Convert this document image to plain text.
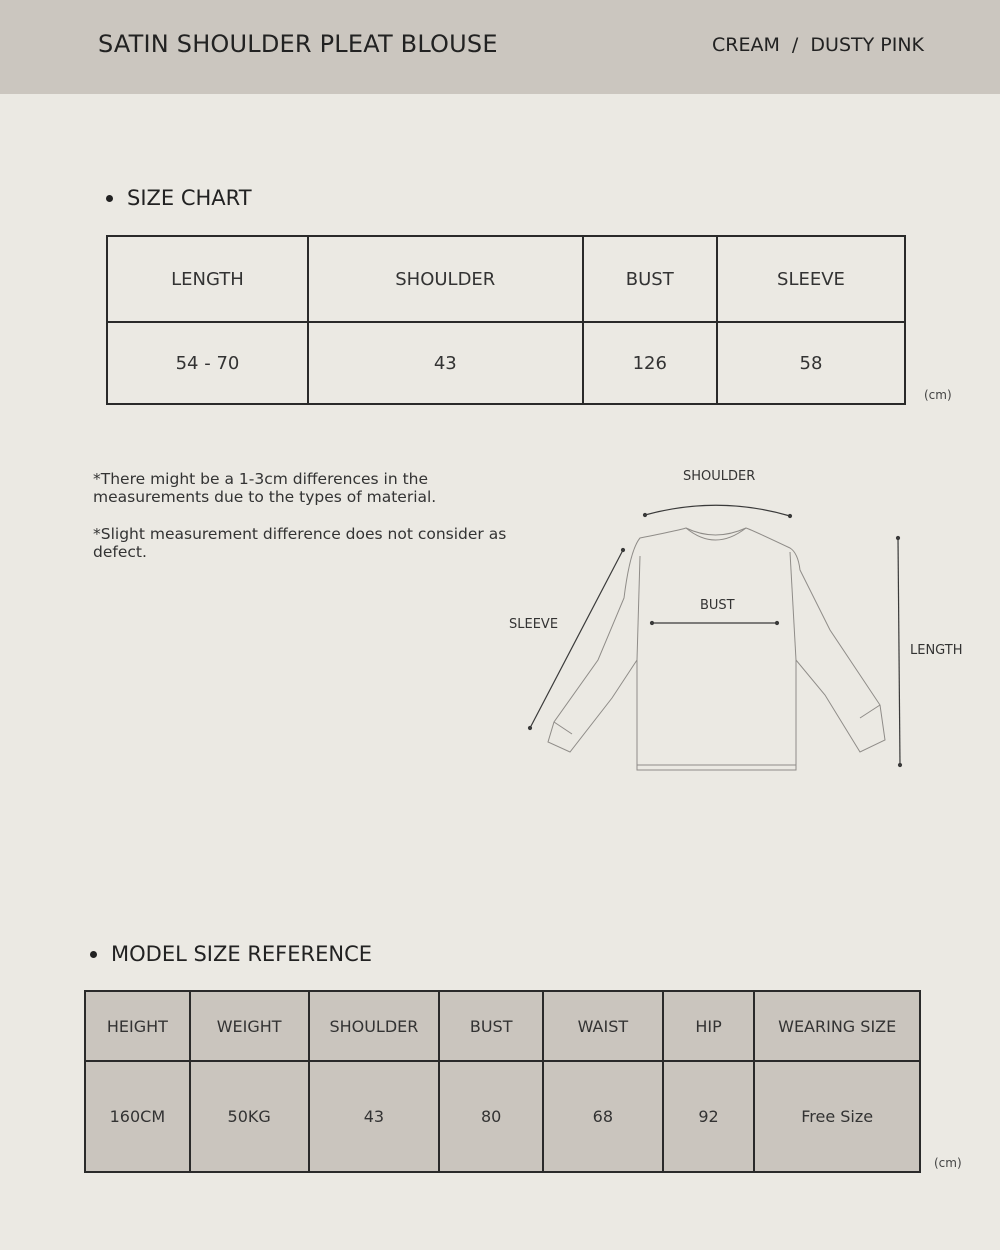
SATIN SHOULDER PLEAT BLOUSE	CREAM  /  DUSTY PINK
SIZE CHART
LENGTH	SHOULDER	BUST	SLEEVE
54 - 70	43	126	58
(cm)

*There might be a 1-3cm differences in the measurements due to the types of material.

*Slight measurement difference does not consider as defect.

SHOULDER
BUST
SLEEVE
LENGTH
MODEL SIZE REFERENCE
HEIGHT	WEIGHT	SHOULDER	BUST	WAIST	HIP	WEARING SIZE
160CM	50KG	43	80	68	92	Free Size
(cm)
